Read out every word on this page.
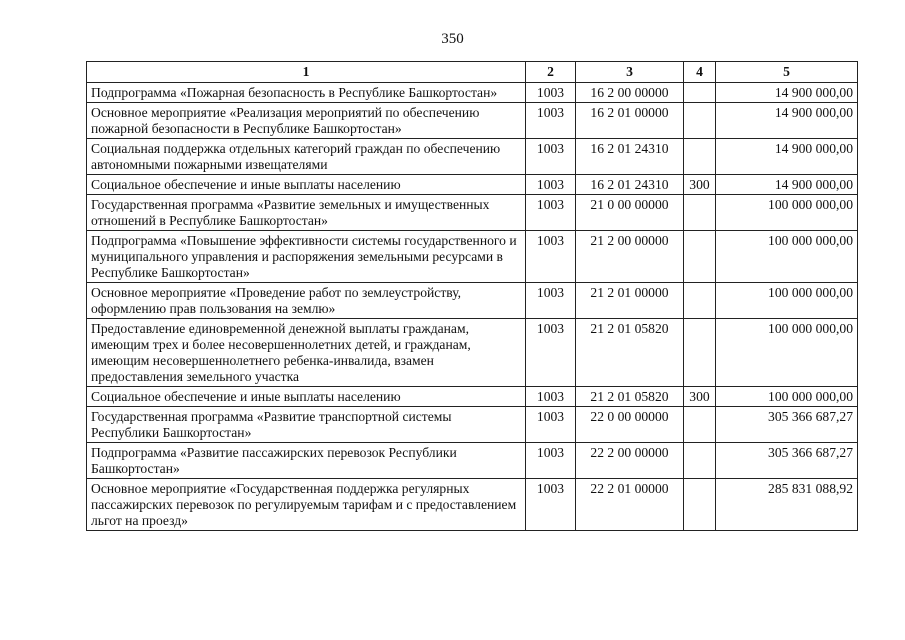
350
1	2	3	4	5
Подпрограмма «Пожарная безопасность в Республике Башкортостан»	1003	16 2 00 00000		14 900 000,00
Основное мероприятие «Реализация мероприятий по обеспечению пожарной безопасности в Республике Башкортостан»	1003	16 2 01 00000		14 900 000,00
Социальная поддержка отдельных категорий граждан по обеспечению автономными пожарными извещателями	1003	16 2 01 24310		14 900 000,00
Социальное обеспечение и иные выплаты населению	1003	16 2 01 24310	300	14 900 000,00
Государственная программа «Развитие земельных и имущественных отношений в Республике Башкортостан»	1003	21 0 00 00000		100 000 000,00
Подпрограмма «Повышение эффективности системы государственного и муниципального управления и распоряжения земельными ресурсами в Республике Башкортостан»	1003	21 2 00 00000		100 000 000,00
Основное мероприятие «Проведение работ по землеустройству, оформлению прав пользования на землю»	1003	21 2 01 00000		100 000 000,00
Предоставление единовременной денежной выплаты гражданам, имеющим трех и более несовершеннолетних детей, и гражданам, имеющим несовершеннолетнего ребенка-инвалида, взамен предоставления земельного участка	1003	21 2 01 05820		100 000 000,00
Социальное обеспечение и иные выплаты населению	1003	21 2 01 05820	300	100 000 000,00
Государственная программа «Развитие транспортной системы Республики Башкортостан»	1003	22 0 00 00000		305 366 687,27
Подпрограмма «Развитие пассажирских перевозок Республики Башкортостан»	1003	22 2 00 00000		305 366 687,27
Основное мероприятие «Государственная поддержка регулярных пассажирских перевозок по регулируемым тарифам и с предоставлением льгот на проезд»	1003	22 2 01 00000		285 831 088,92
